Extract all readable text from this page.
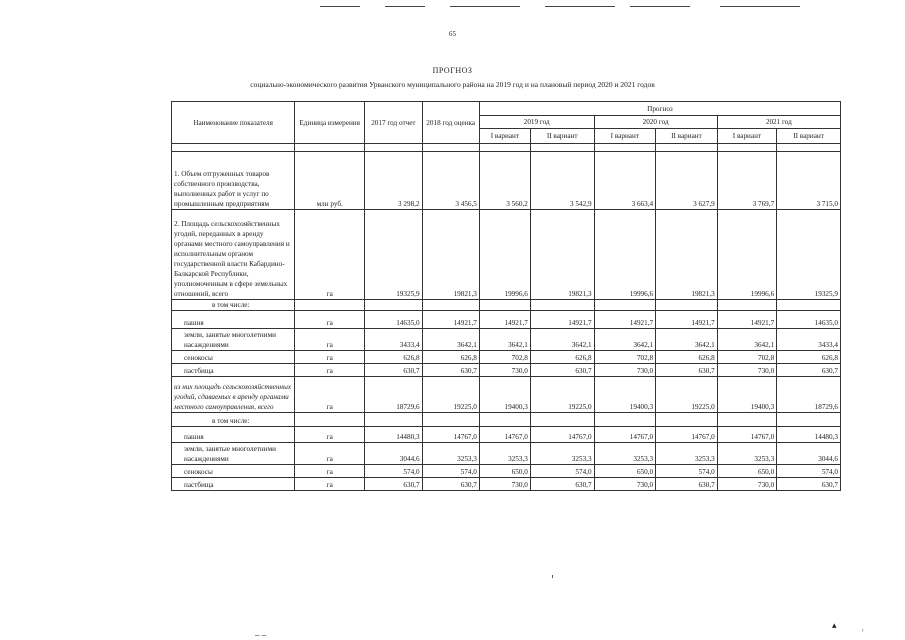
65
ПРОГНОЗ
социально-экономического развития Урванского муниципального района на 2019 год и на плановый период 2020 и 2021 годов
Наименование показателя	Единица измерения	2017 год отчет	2018 год оценка	Прогноз					
				2019 год		2020 год		2021 год	
				I вариант	II вариант	I вариант	II вариант	I вариант	II вариант

1. Объем отгруженных товаров собственного производства, выполненных работ и услуг по промышленным предприятиям	млн руб.	3 298,2	3 456,5	3 560,2	3 542,9	3 663,4	3 627,9	3 769,7	3 715,0
2. Площадь сельскохозяйственных угодий, переданных в аренду органами местного самоуправления и исполнительным органом государственной власти Кабардино-Балкарской Республики, уполномоченным в сфере земельных отношений, всего	га	19325,9	19821,3	19996,6	19821,3	19996,6	19821,3	19996,6	19325,9
в том числе:									
пашня	га	14635,0	14921,7	14921,7	14921,7	14921,7	14921,7	14921,7	14635,0
земли, занятые многолетними насаждениями	га	3433,4	3642,1	3642,1	3642,1	3642,1	3642,1	3642,1	3433,4
сенокосы	га	626,8	626,8	702,8	626,8	702,8	626,8	702,8	626,8
пастбища	га	630,7	630,7	730,0	630,7	730,0	630,7	730,0	630,7
из них площадь сельскохозяйственных угодий, сдаваемых в аренду органами местного самоуправления, всего	га	18729,6	19225,0	19400,3	19225,0	19400,3	19225,0	19400,3	18729,6
в том числе:									
пашня	га	14480,3	14767,0	14767,0	14767,0	14767,0	14767,0	14767,0	14480,3
земли, занятые многолетними насаждениями	га	3044,6	3253,3	3253,3	3253,3	3253,3	3253,3	3253,3	3044,6
сенокосы	га	574,0	574,0	650,0	574,0	650,0	574,0	650,0	574,0
пастбища	га	630,7	630,7	730,0	630,7	730,0	630,7	730,0	630,7
– –
▴	ᵣ
